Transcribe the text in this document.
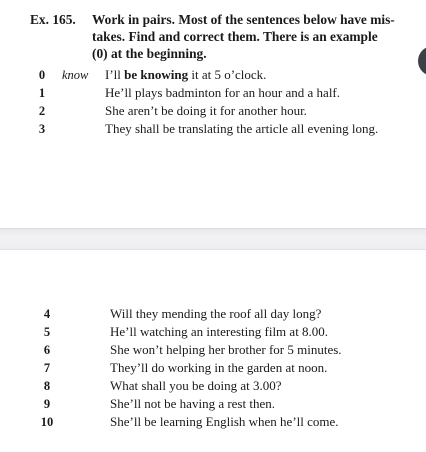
Ex. 165. Work in pairs. Most of the sentences below have mis-
takes. Find and correct them. There is an example
(0) at the beginning.
0	know I’ll be knowing it at 5 o’clock.
1	He’ll plays badminton for an hour and a half.
2	She aren’t be doing it for another hour.
3	They shall be translating the article all evening long.
4	Will they mending the roof all day long?
5	He’ll watching an interesting film at 8.00.
6	She won’t helping her brother for 5 minutes.
7	They’ll do working in the garden at noon.
8	What shall you be doing at 3.00?
9	She’ll not be having a rest then.
10	She’ll be learning English when he’ll come.
